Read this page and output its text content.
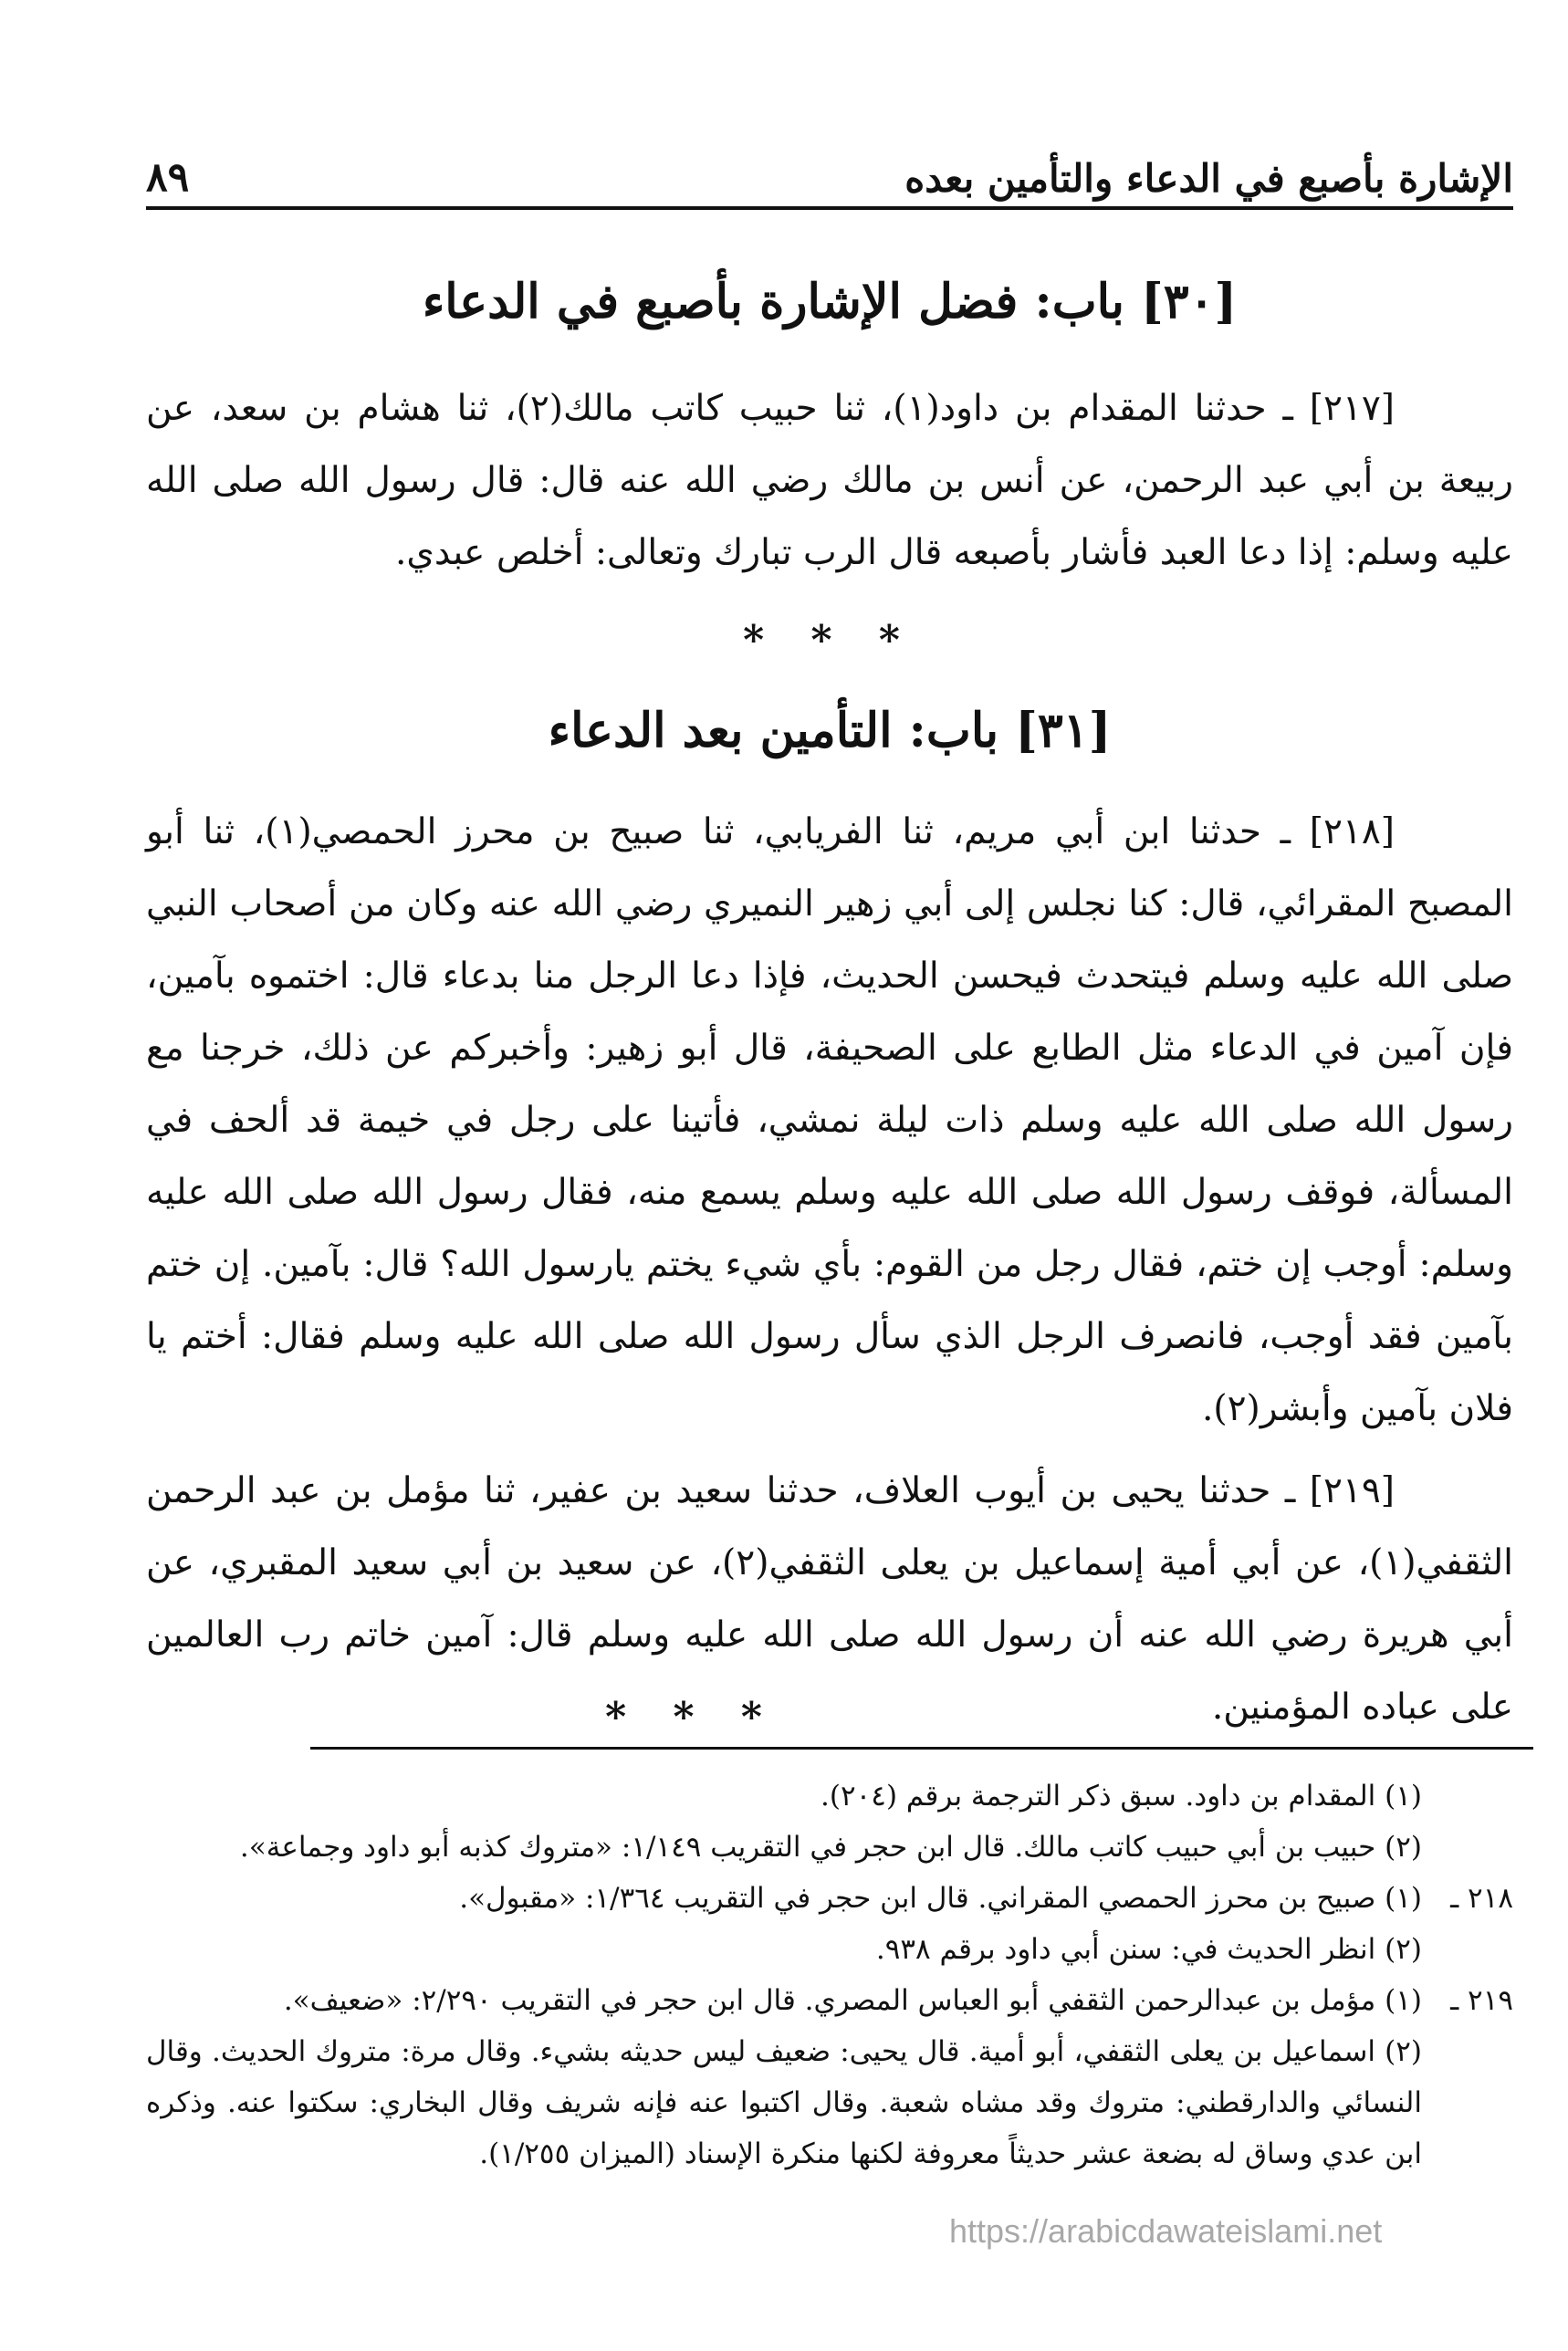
الإشارة بأصبع في الدعاء والتأمين بعده
٨٩
[٣٠] باب: فضل الإشارة بأصبع في الدعاء
[٢١٧] ـ حدثنا المقدام بن داود(١)، ثنا حبيب كاتب مالك(٢)، ثنا هشام بن سعد، عن ربيعة بن أبي عبد الرحمن، عن أنس بن مالك رضي الله عنه قال: قال رسول الله صلى الله عليه وسلم: إذا دعا العبد فأشار بأصبعه قال الرب تبارك وتعالى: أخلص عبدي.
* * *
[٣١] باب: التأمين بعد الدعاء
[٢١٨] ـ حدثنا ابن أبي مريم، ثنا الفريابي، ثنا صبيح بن محرز الحمصي(١)، ثنا أبو المصبح المقرائي، قال: كنا نجلس إلى أبي زهير النميري رضي الله عنه وكان من أصحاب النبي صلى الله عليه وسلم فيتحدث فيحسن الحديث، فإذا دعا الرجل منا بدعاء قال: اختموه بآمين، فإن آمين في الدعاء مثل الطابع على الصحيفة، قال أبو زهير: وأخبركم عن ذلك، خرجنا مع رسول الله صلى الله عليه وسلم ذات ليلة نمشي، فأتينا على رجل في خيمة قد ألحف في المسألة، فوقف رسول الله صلى الله عليه وسلم يسمع منه، فقال رسول الله صلى الله عليه وسلم: أوجب إن ختم، فقال رجل من القوم: بأي شيء يختم يارسول الله؟ قال: بآمين. إن ختم بآمين فقد أوجب، فانصرف الرجل الذي سأل رسول الله صلى الله عليه وسلم فقال: أختم يا فلان بآمين وأبشر(٢).
[٢١٩] ـ حدثنا يحيى بن أيوب العلاف، حدثنا سعيد بن عفير، ثنا مؤمل بن عبد الرحمن الثقفي(١)، عن أبي أمية إسماعيل بن يعلى الثقفي(٢)، عن سعيد بن أبي سعيد المقبري، عن أبي هريرة رضي الله عنه أن رسول الله صلى الله عليه وسلم قال: آمين خاتم رب العالمين على عباده المؤمنين.
* * *
(١) المقدام بن داود. سبق ذكر الترجمة برقم (٢٠٤).
(٢) حبيب بن أبي حبيب كاتب مالك. قال ابن حجر في التقريب ١/١٤٩: «متروك كذبه أبو داود وجماعة».
٢١٨ ـ(١) صبيح بن محرز الحمصي المقراني. قال ابن حجر في التقريب ١/٣٦٤: «مقبول».
(٢) انظر الحديث في: سنن أبي داود برقم ٩٣٨.
٢١٩ ـ(١) مؤمل بن عبدالرحمن الثقفي أبو العباس المصري. قال ابن حجر في التقريب ٢/٢٩٠: «ضعيف».
(٢) اسماعيل بن يعلى الثقفي، أبو أمية. قال يحيى: ضعيف ليس حديثه بشيء. وقال مرة: متروك الحديث. وقال النسائي والدارقطني: متروك وقد مشاه شعبة. وقال اكتبوا عنه فإنه شريف وقال البخاري: سكتوا عنه. وذكره ابن عدي وساق له بضعة عشر حديثاً معروفة لكنها منكرة الإسناد (الميزان ١/٢٥٥).
https://arabicdawateislami.net
